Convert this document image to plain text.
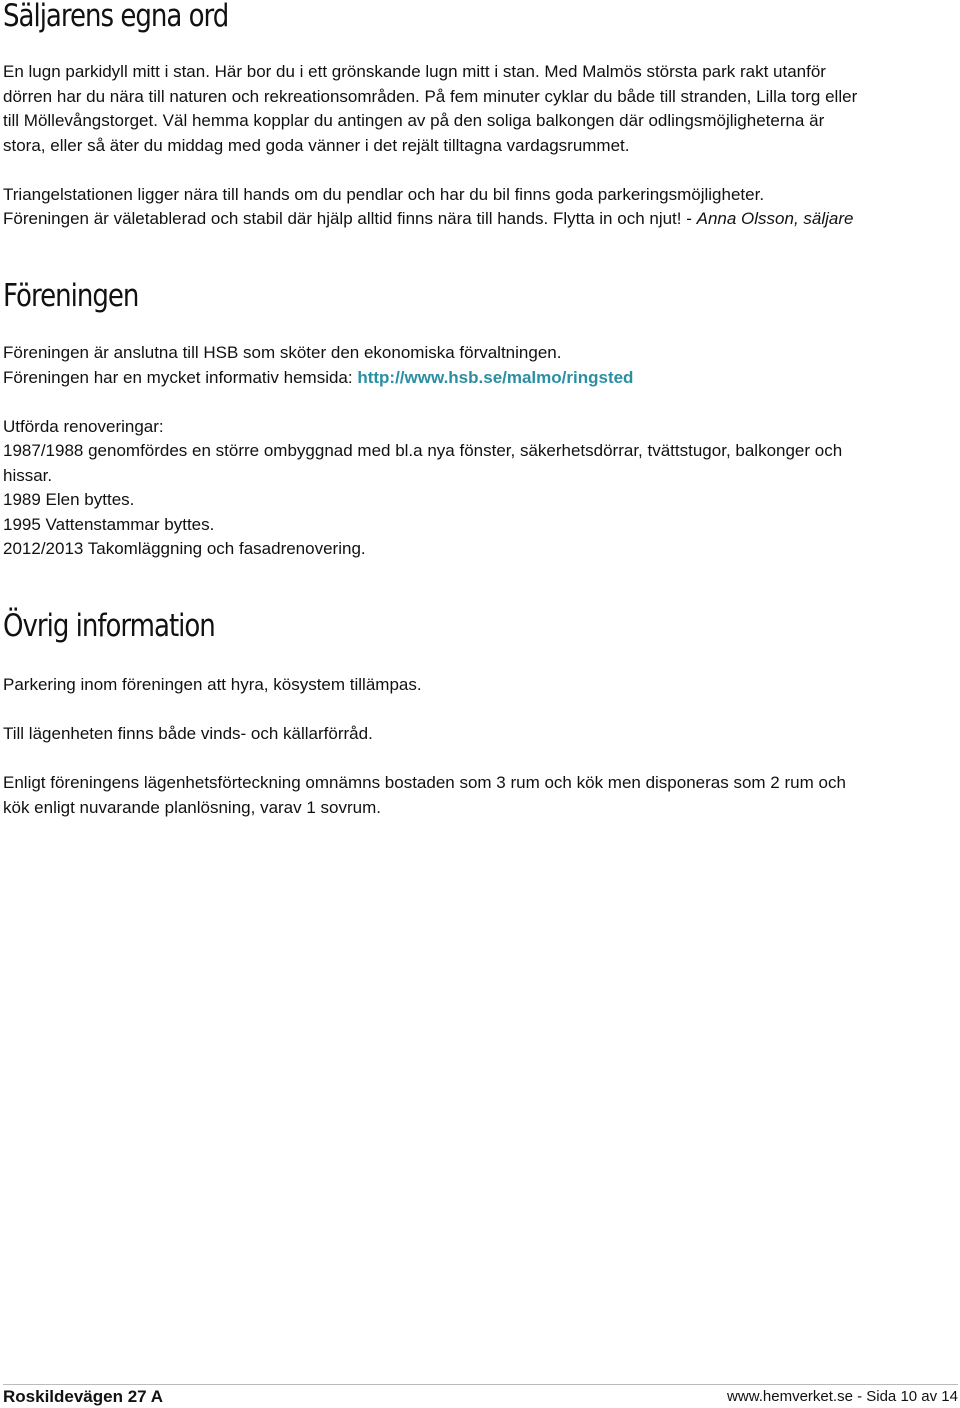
Säljarens egna ord
En lugn parkidyll mitt i stan. Här bor du i ett grönskande lugn mitt i stan. Med Malmös största park rakt utanför
dörren har du nära till naturen och rekreationsområden. På fem minuter cyklar du både till stranden, Lilla torg eller
till Möllevångstorget. Väl hemma kopplar du antingen av på den soliga balkongen där odlingsmöjligheterna är
stora, eller så äter du middag med goda vänner i det rejält tilltagna vardagsrummet.
Triangelstationen ligger nära till hands om du pendlar och har du bil finns goda parkeringsmöjligheter.
Föreningen är väletablerad och stabil där hjälp alltid finns nära till hands. Flytta in och njut! - Anna Olsson, säljare
Föreningen
Föreningen är anslutna till HSB som sköter den ekonomiska förvaltningen.
Föreningen har en mycket informativ hemsida: http://www.hsb.se/malmo/ringsted
Utförda renoveringar:
1987/1988 genomfördes en större ombyggnad med bl.a nya fönster, säkerhetsdörrar, tvättstugor, balkonger och
hissar.
1989 Elen byttes.
1995 Vattenstammar byttes.
2012/2013 Takomläggning och fasadrenovering.
Övrig information
Parkering inom föreningen att hyra, kösystem tillämpas.
Till lägenheten finns både vinds- och källarförråd.
Enligt föreningens lägenhetsförteckning omnämns bostaden som 3 rum och kök men disponeras som 2 rum och
kök enligt nuvarande planlösning, varav 1 sovrum.
Roskildevägen 27 A	www.hemverket.se - Sida 10 av 14
